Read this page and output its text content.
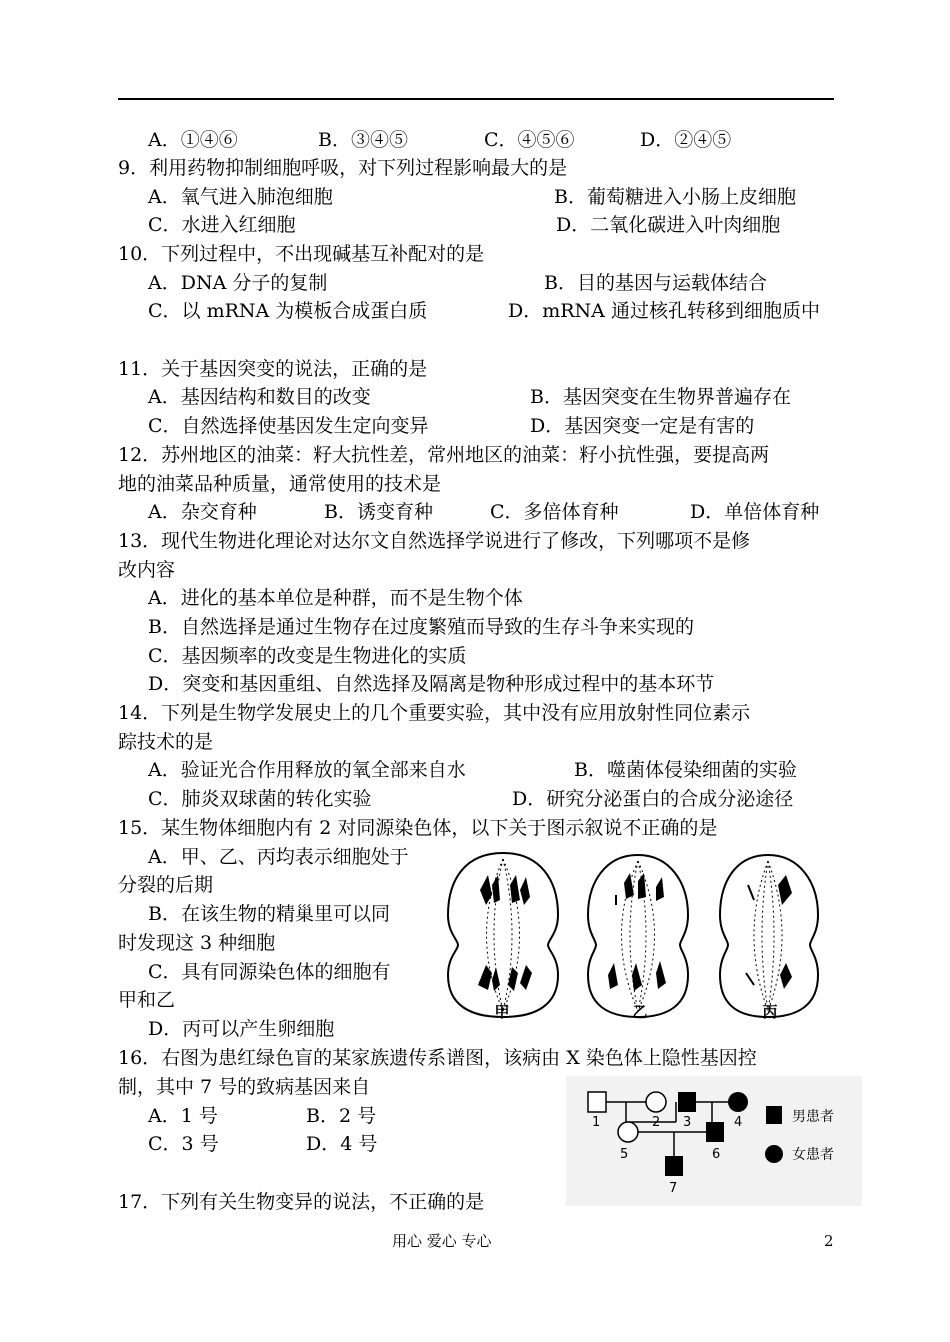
A．①④⑥	B．③④⑤	C．④⑤⑥	D．②④⑤
9．利用药物抑制细胞呼吸，对下列过程影响最大的是
A．氧气进入肺泡细胞	B．葡萄糖进入小肠上皮细胞
C．水进入红细胞	D．二氧化碳进入叶肉细胞
10．下列过程中，不出现碱基互补配对的是
A．DNA 分子的复制	B．目的基因与运载体结合
C．以 mRNA 为模板合成蛋白质	D．mRNA 通过核孔转移到细胞质中
11．关于基因突变的说法，正确的是
A．基因结构和数目的改变	B．基因突变在生物界普遍存在
C．自然选择使基因发生定向变异	D．基因突变一定是有害的
12．苏州地区的油菜：籽大抗性差，常州地区的油菜：籽小抗性强，要提高两
地的油菜品种质量，通常使用的技术是
A．杂交育种	B．诱变育种	C．多倍体育种	D．单倍体育种
13．现代生物进化理论对达尔文自然选择学说进行了修改，下列哪项不是修
改内容
A．进化的基本单位是种群，而不是生物个体
B．自然选择是通过生物存在过度繁殖而导致的生存斗争来实现的
C．基因频率的改变是生物进化的实质
D．突变和基因重组、自然选择及隔离是物种形成过程中的基本环节
14．下列是生物学发展史上的几个重要实验，其中没有应用放射性同位素示
踪技术的是
A．验证光合作用释放的氧全部来自水	B．噬菌体侵染细菌的实验
C．肺炎双球菌的转化实验	D．研究分泌蛋白的合成分泌途径
15．某生物体细胞内有 2 对同源染色体，以下关于图示叙说不正确的是
A．甲、乙、丙均表示细胞处于
分裂的后期
B．在该生物的精巢里可以同
时发现这 3 种细胞
C．具有同源染色体的细胞有
甲和乙
D．丙可以产生卵细胞
甲	乙	丙
16．右图为患红绿色盲的某家族遗传系谱图，该病由 X 染色体上隐性基因控
制，其中 7 号的致病基因来自
A．1 号	B．2 号
C．3 号	D．4 号
1	2 3	4
5	6
7
男患者
女患者
17．下列有关生物变异的说法，不正确的是
用心 爱心 专心	2
